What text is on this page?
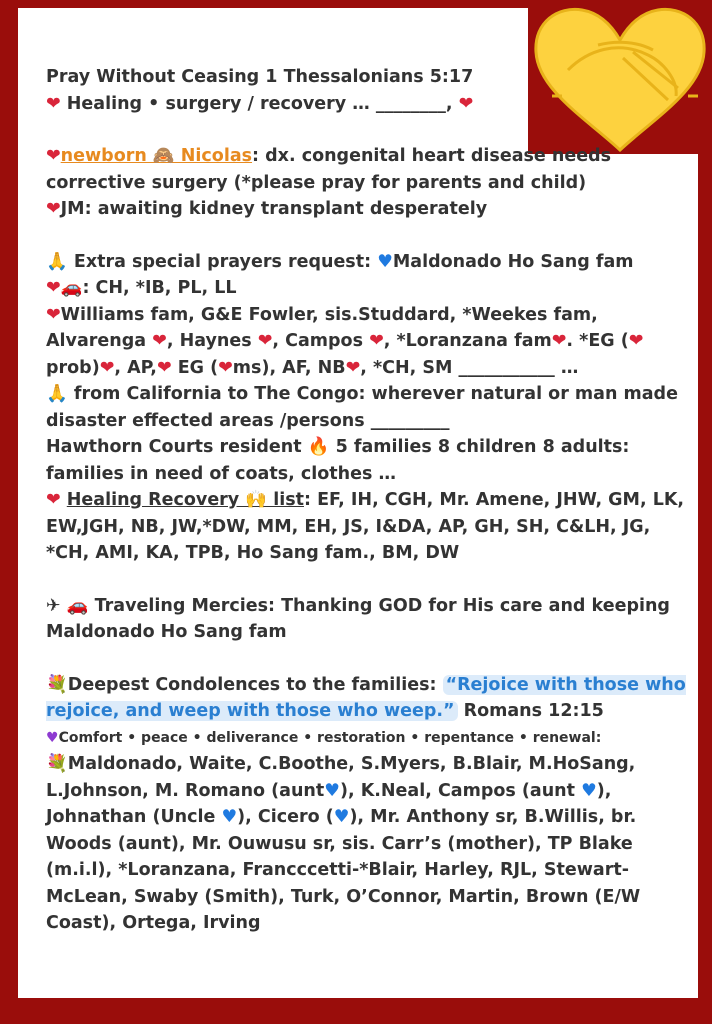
Pray Without Ceasing 1 Thessalonians 5:17

❤ Healing • surgery / recovery … ________, ❤

❤newborn 🙈 Nicolas: dx. congenital heart disease needs corrective surgery (*please pray for parents and child)

❤JM: awaiting kidney transplant desperately

🙏 Extra special prayers request: ♥Maldonado Ho Sang fam

❤🚗: CH, *IB, PL, LL

❤Williams fam, G&E Fowler, sis.Studdard, *Weekes fam, Alvarenga ❤, Haynes ❤, Campos ❤, *Loranzana fam❤. *EG (❤prob)❤, AP,❤ EG (❤ms), AF, NB❤, *CH, SM ___________ …

🙏 from California to The Congo: wherever natural or man made disaster effected areas /persons _________

Hawthorn Courts resident 🔥 5 families 8 children 8 adults: families in need of coats, clothes …

❤ Healing Recovery 🙌 list: EF, IH, CGH, Mr. Amene, JHW, GM, LK, EW,JGH, NB, JW,*DW, MM, EH, JS, I&DA, AP, GH, SH, C&LH, JG, *CH, AMI, KA, TPB, Ho Sang fam., BM, DW

✈ 🚗 Traveling Mercies: Thanking GOD for His care and keeping Maldonado Ho Sang fam

💐Deepest Condolences to the families: “Rejoice with those who rejoice, and weep with those who weep.” Romans 12:15

♥Comfort • peace • deliverance • restoration • repentance • renewal:

💐Maldonado, Waite, C.Boothe, S.Myers, B.Blair, M.HoSang, L.Johnson, M. Romano (aunt♥), K.Neal, Campos (aunt ♥), Johnathan (Uncle ♥), Cicero (♥), Mr. Anthony sr, B.Willis, br. Woods (aunt), Mr. Ouwusu sr, sis. Carr’s (mother), TP Blake (m.i.l), *Loranzana, Francccetti-*Blair, Harley, RJL, Stewart-McLean, Swaby (Smith), Turk, O’Connor, Martin, Brown (E/W Coast), Ortega, Irving
